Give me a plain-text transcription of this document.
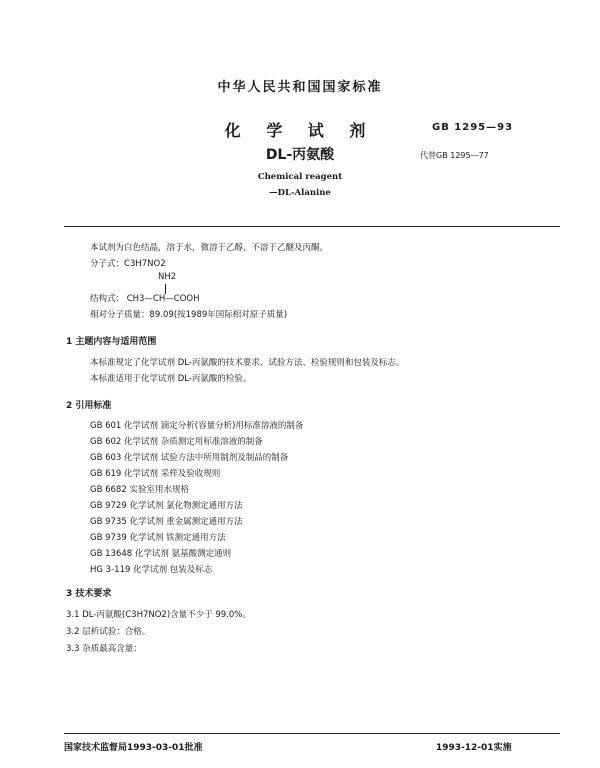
中华人民共和国国家标准
化 学 试 剂
DL-丙氨酸
GB 1295—93
代替GB 1295—77
Chemical reagent
—DL-Alanine
本试剂为白色结晶，溶于水，微溶于乙醇，不溶于乙醚及丙酮。
分子式：C3H7NO2
NH2
结构式： CH3—CH—COOH
相对分子质量：89.09(按1989年国际相对原子质量)
1 主题内容与适用范围
本标准规定了化学试剂 DL-丙氨酸的技术要求、试验方法、检验规则和包装及标志。
本标准适用于化学试剂 DL-丙氨酸的检验。
2 引用标准
GB 601 化学试剂 滴定分析(容量分析)用标准溶液的制备
GB 602 化学试剂 杂质测定用标准溶液的制备
GB 603 化学试剂 试验方法中所用制剂及制品的制备
GB 619 化学试剂 采样及验收规则
GB 6682 实验室用水规格
GB 9729 化学试剂 氯化物测定通用方法
GB 9735 化学试剂 重金属测定通用方法
GB 9739 化学试剂 铁测定通用方法
GB 13648 化学试剂 氨基酸测定通则
HG 3-119 化学试剂 包装及标志
3 技术要求
3.1 DL-丙氨酸(C3H7NO2)含量不少于 99.0%。
3.2 层析试验：合格。
3.3 杂质最高含量：
国家技术监督局1993-03-01批准	1993-12-01实施
